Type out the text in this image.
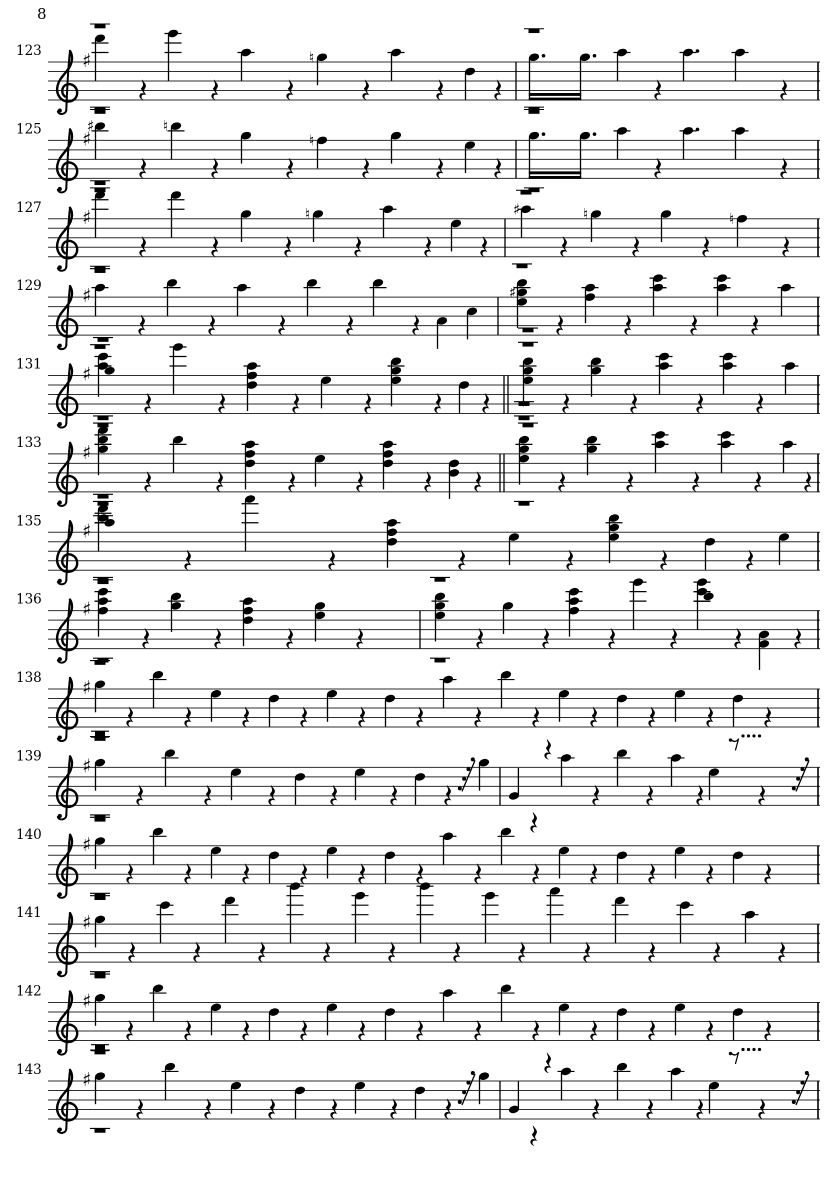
8
123 ♯	♮
125 ♯
♯	♮
♮
127 ♯	♮	♯	♮	♮
129 ♯	♯
131 ♯
133 ♯
135 ♯
136 ♯
138 ♯
139 ♯
140 ♯
141 ♯
142 ♯
143 ♯
